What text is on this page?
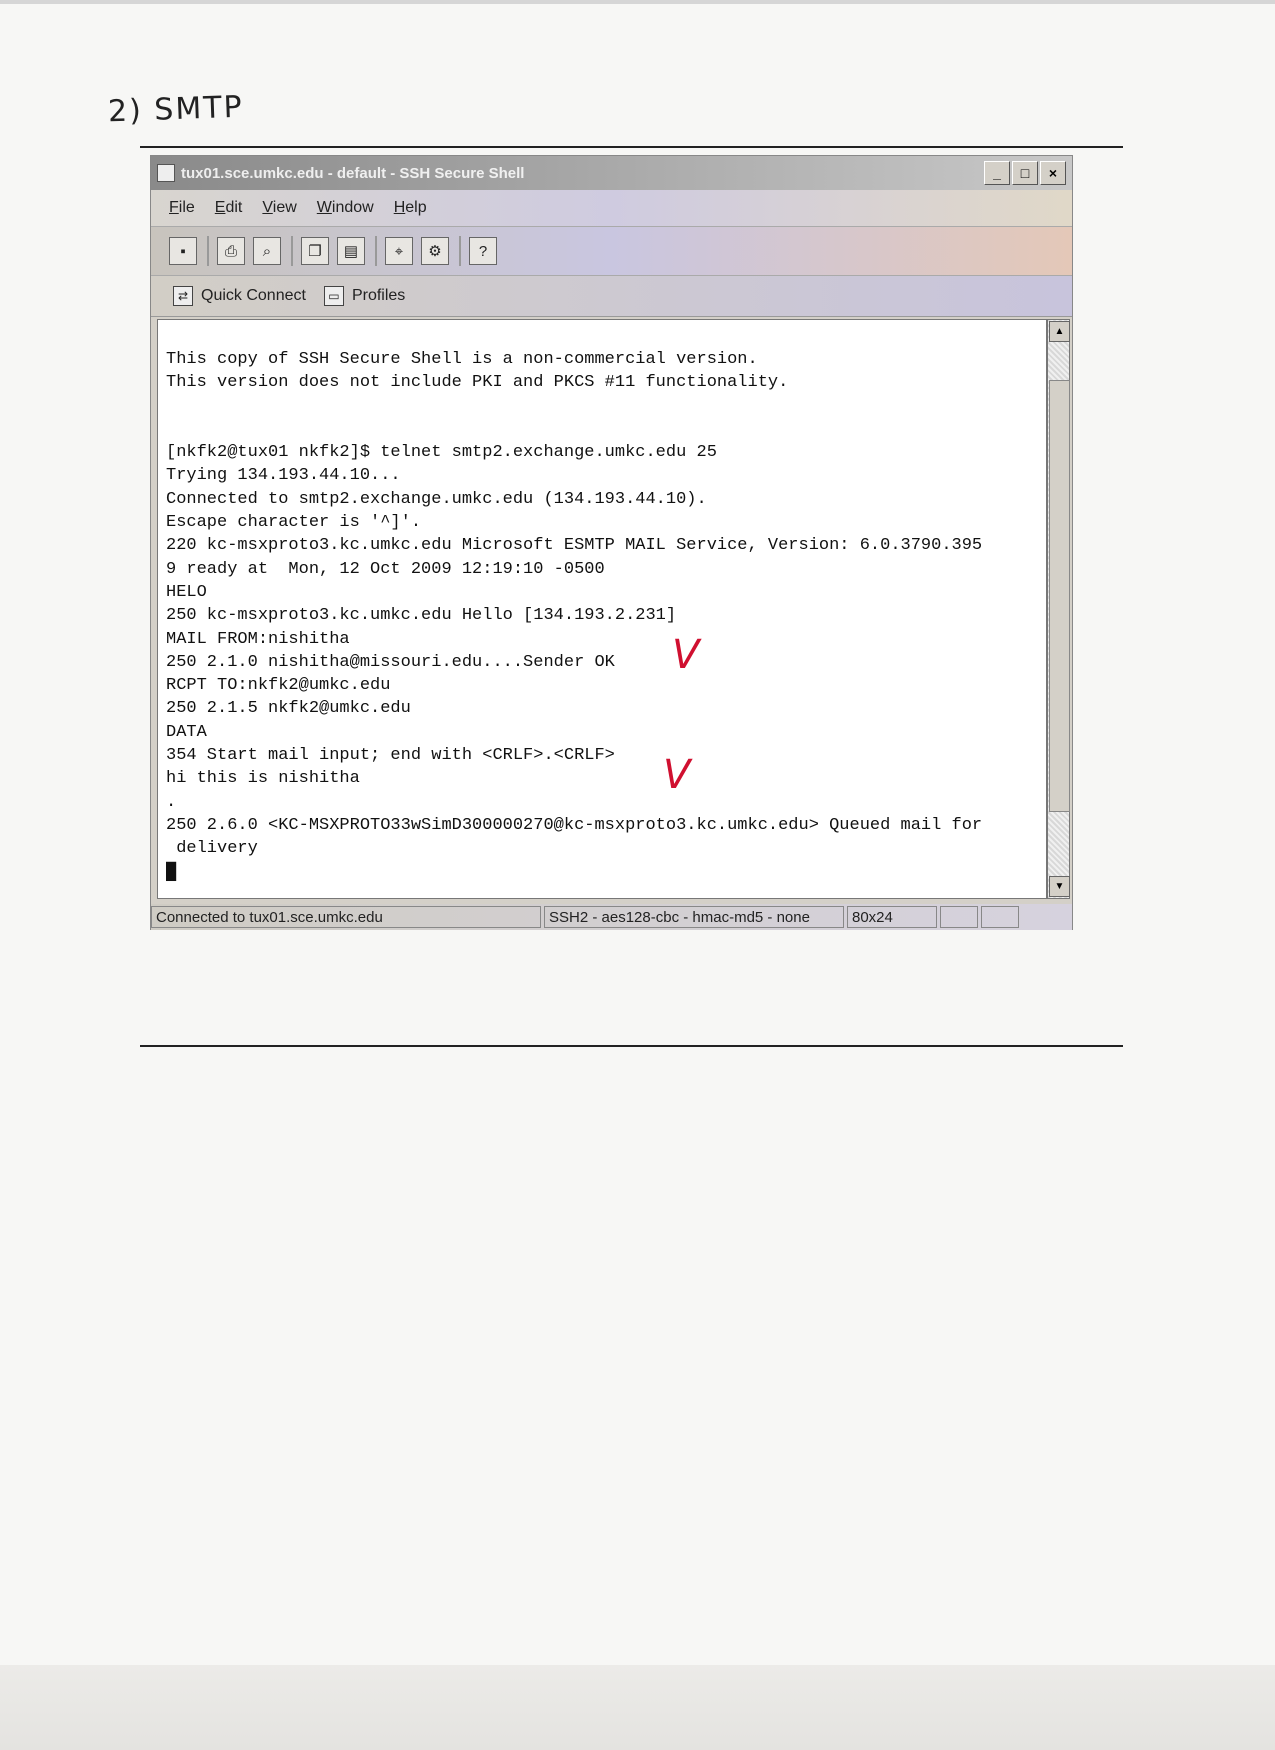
2) SMTP
tux01.sce.umkc.edu - default - SSH Secure Shell	_	□	×
File Edit View Window Help
▪	⎙	⌕	❐	▤	⌖	⚙	?
⇄ Quick Connect	▭ Profiles
This copy of SSH Secure Shell is a non-commercial version.
This version does not include PKI and PKCS #11 functionality.

[nkfk2@tux01 nkfk2]$ telnet smtp2.exchange.umkc.edu 25
Trying 134.193.44.10...
Connected to smtp2.exchange.umkc.edu (134.193.44.10).
Escape character is '^]'.
220 kc-msxproto3.kc.umkc.edu Microsoft ESMTP MAIL Service, Version: 6.0.3790.395
9 ready at  Mon, 12 Oct 2009 12:19:10 -0500
HELO
250 kc-msxproto3.kc.umkc.edu Hello [134.193.2.231]
MAIL FROM:nishitha
250 2.1.0 nishitha@missouri.edu....Sender OK
RCPT TO:nkfk2@umkc.edu
250 2.1.5 nkfk2@umkc.edu
DATA
354 Start mail input; end with <CRLF>.<CRLF>
hi this is nishitha
.
250 2.6.0 <KC-MSXPROTO33wSimD300000270@kc-msxproto3.kc.umkc.edu> Queued mail for
delivery
█
▲
▼
Connected to tux01.sce.umkc.edu	SSH2 - aes128-cbc - hmac-md5 - none	80x24
V
V
